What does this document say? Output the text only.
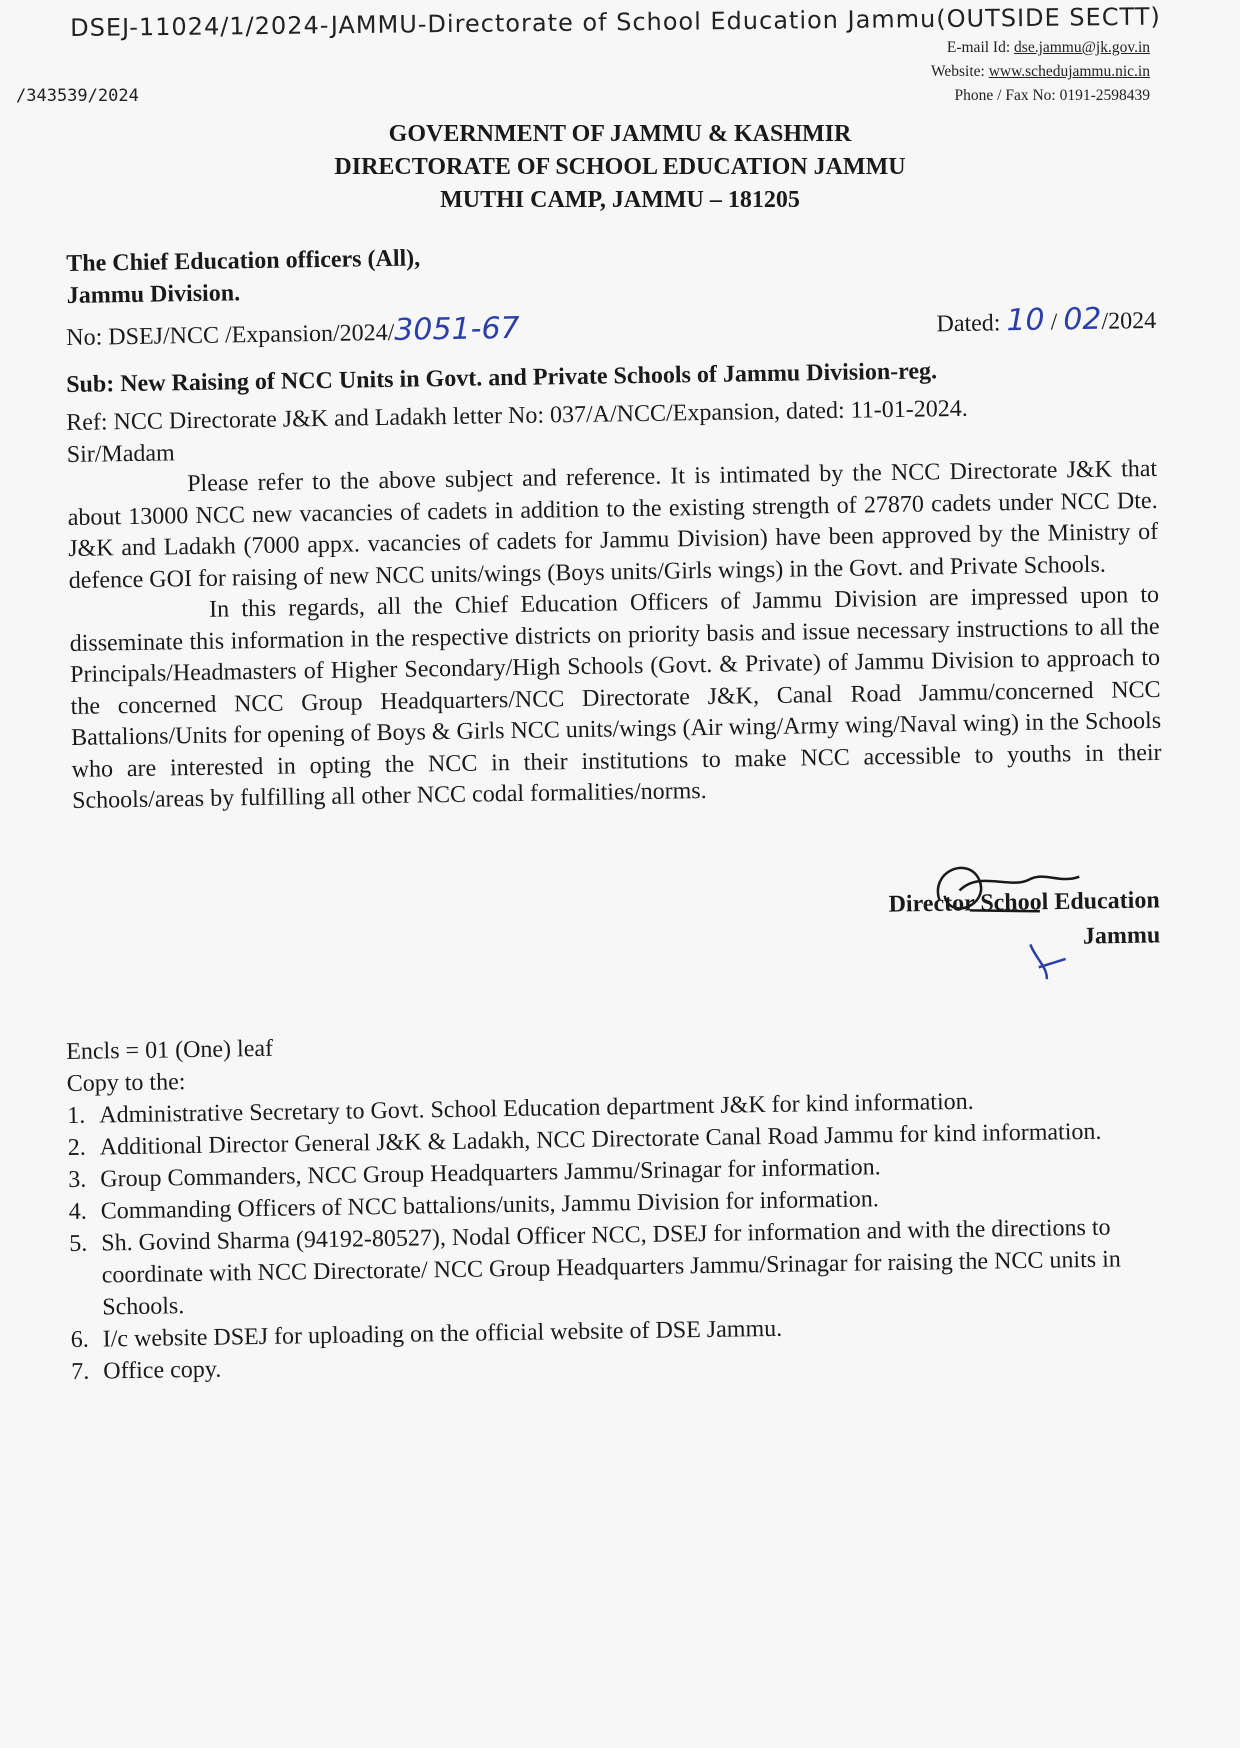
DSEJ-11024/1/2024-JAMMU-Directorate of School Education Jammu(OUTSIDE SECTT)
/343539/2024
E-mail Id: dse.jammu@jk.gov.in
Website: www.schedujammu.nic.in
Phone / Fax No: 0191-2598439
GOVERNMENT OF JAMMU & KASHMIR
DIRECTORATE OF SCHOOL EDUCATION JAMMU
MUTHI CAMP, JAMMU – 181205
The Chief Education officers (All),
Jammu Division.
No: DSEJ/NCC /Expansion/2024/3051-67	Dated: 10 / 02/2024
Sub: New Raising of NCC Units in Govt. and Private Schools of Jammu Division-reg.

Ref: NCC Directorate J&K and Ladakh letter No: 037/A/NCC/Expansion, dated: 11-01-2024.

Sir/Madam

Please refer to the above subject and reference. It is intimated by the NCC Directorate J&K that about 13000 NCC new vacancies of cadets in addition to the existing strength of 27870 cadets under NCC Dte. J&K and Ladakh (7000 appx. vacancies of cadets for Jammu Division) have been approved by the Ministry of defence GOI for raising of new NCC units/wings (Boys units/Girls wings) in the Govt. and Private Schools.

In this regards, all the Chief Education Officers of Jammu Division are impressed upon to disseminate this information in the respective districts on priority basis and issue necessary instructions to all the Principals/Headmasters of Higher Secondary/High Schools (Govt. & Private) of Jammu Division to approach to the concerned NCC Group Headquarters/NCC Directorate J&K, Canal Road Jammu/concerned NCC Battalions/Units for opening of Boys & Girls NCC units/wings (Air wing/Army wing/Naval wing) in the Schools who are interested in opting the NCC in their institutions to make NCC accessible to youths in their Schools/areas by fulfilling all other NCC codal formalities/norms.

Director School Education
Jammu
Encls = 01 (One) leaf
Copy to the:
1. Administrative Secretary to Govt. School Education department J&K for kind information.
2. Additional Director General J&K & Ladakh, NCC Directorate Canal Road Jammu for kind information.
3. Group Commanders, NCC Group Headquarters Jammu/Srinagar for information.
4. Commanding Officers of NCC battalions/units, Jammu Division for information.
5. Sh. Govind Sharma (94192-80527), Nodal Officer NCC, DSEJ for information and with the directions to coordinate with NCC Directorate/ NCC Group Headquarters Jammu/Srinagar for raising the NCC units in Schools.
6. I/c website DSEJ for uploading on the official website of DSE Jammu.
7. Office copy.
